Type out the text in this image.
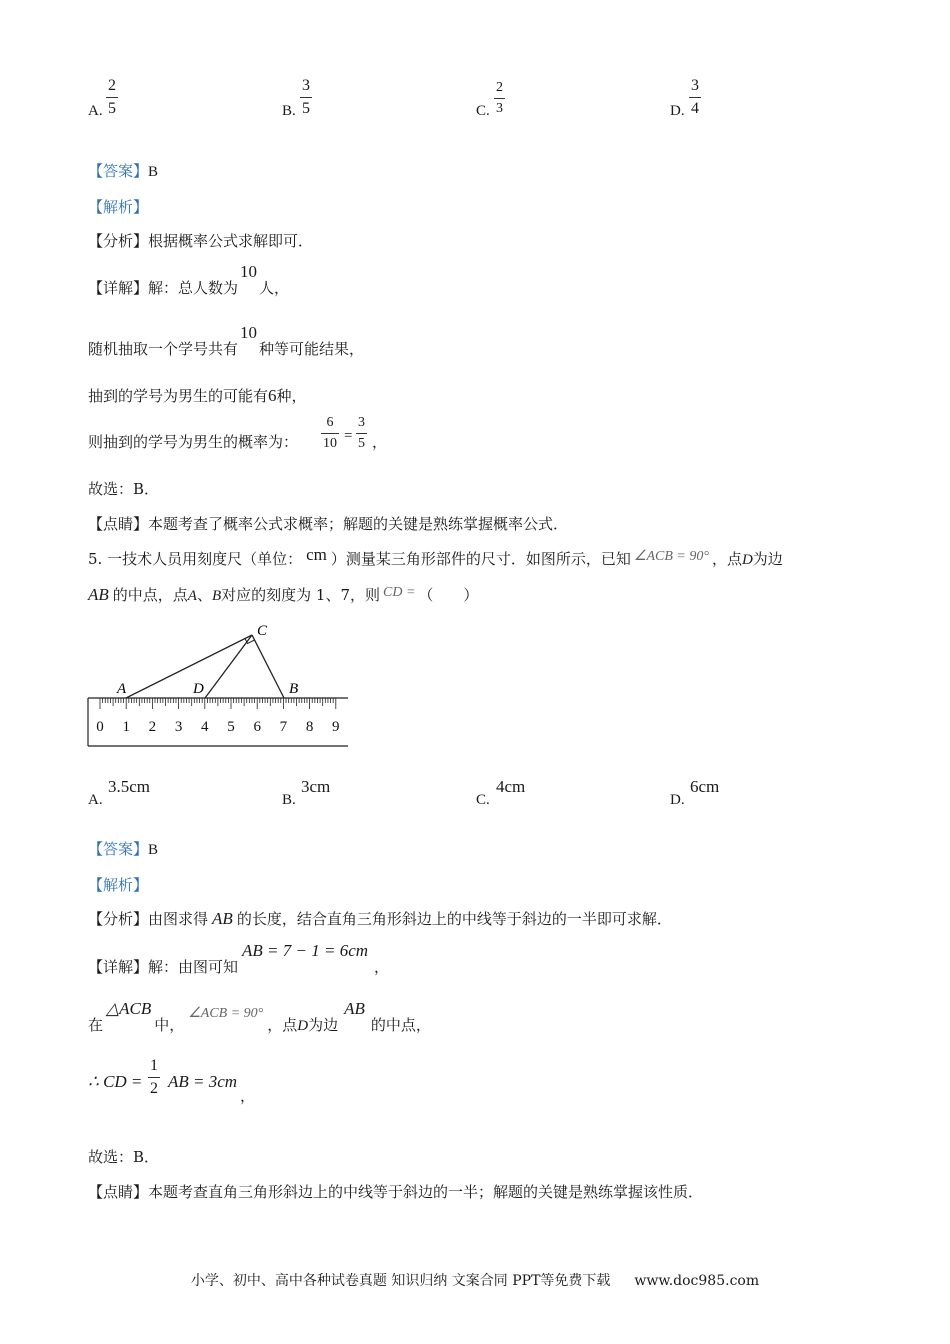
A.
2
5	B.
3
5	C.
2
3	D.
3
4
【答案】B
【解析】
【分析】根据概率公式求解即可．
【详解】解：总人数为10人，
随机抽取一个学号共有10种等可能结果，
抽到的学号为男生的可能有6种，
则抽到的学号为男生的概率为：
6
10 =
3
5 ，
故选：B．
【点睛】本题考查了概率公式求概率；解题的关键是熟练掌握概率公式．
5. 一技术人员用刻度尺（单位： cm ）测量某三角形部件的尺寸．如图所示，已知 ∠ACB = 90° ，点D为边
AB 的中点，点A、B对应的刻度为 1、7，则 CD = （　　）
0 1 2 3 4 5 6 7 8 9
A	D	B
C
A.
3.5cm
B.
3cm
C.
4cm
D.
6cm
【答案】B
【解析】
【分析】由图求得 AB 的长度，结合直角三角形斜边上的中线等于斜边的一半即可求解．
【详解】解：由图可知AB = 7 − 1 = 6cm，
在△ACB中，∠ACB = 90°，点D为边AB的中点，
∴ CD =
1
2 AB = 3cm
，
故选：B．
【点睛】本题考查直角三角形斜边上的中线等于斜边的一半；解题的关键是熟练掌握该性质．
小学、初中、高中各种试卷真题 知识归纳 文案合同 PPT等免费下载 www.doc985.com
